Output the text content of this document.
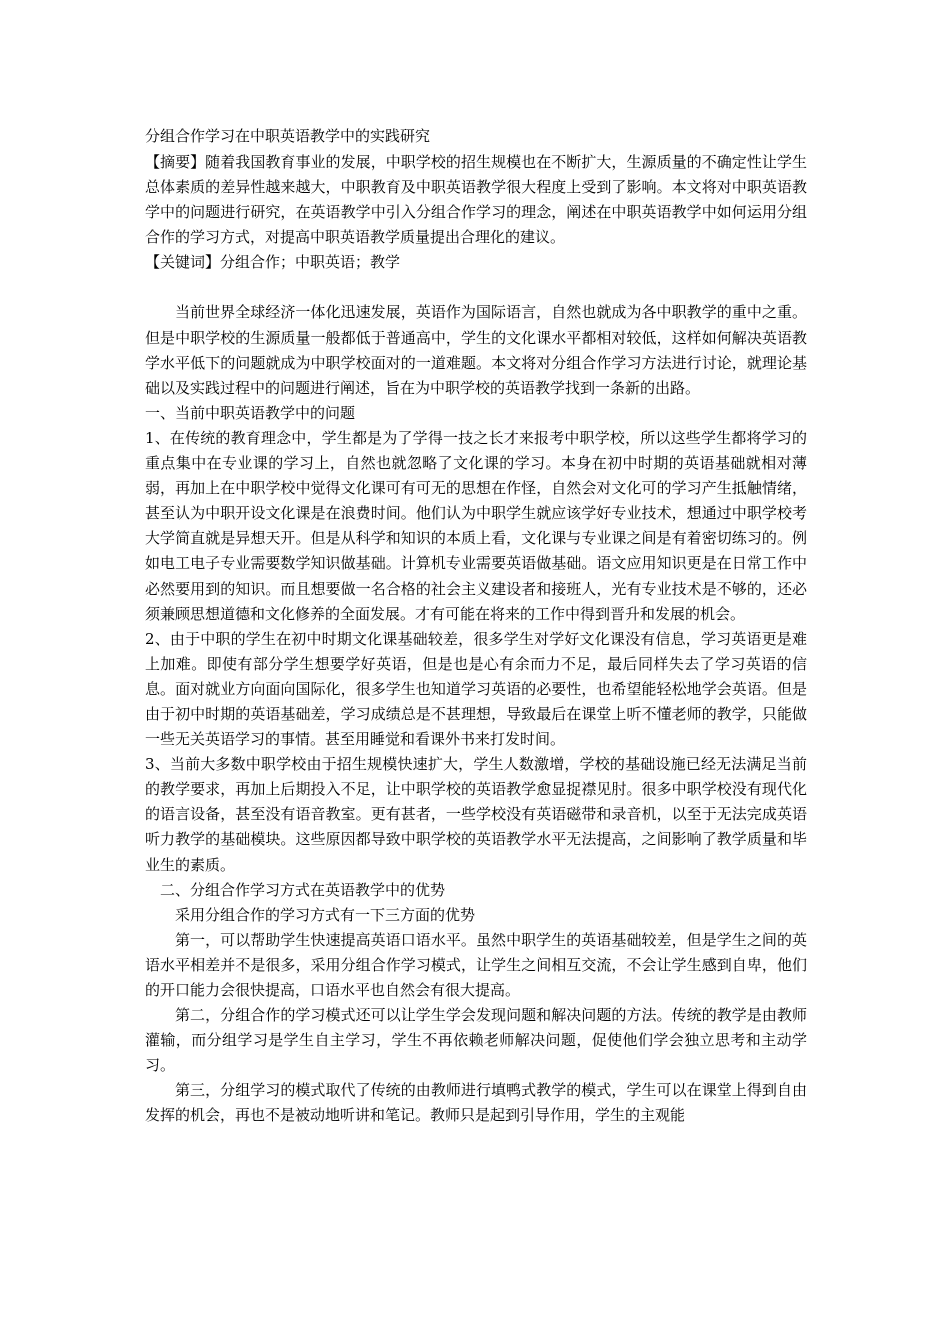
分组合作学习在中职英语教学中的实践研究

【摘要】随着我国教育事业的发展，中职学校的招生规模也在不断扩大，生源质量的不确定性让学生总体素质的差异性越来越大，中职教育及中职英语教学很大程度上受到了影响。本文将对中职英语教学中的问题进行研究，在英语教学中引入分组合作学习的理念，阐述在中职英语教学中如何运用分组合作的学习方式，对提高中职英语教学质量提出合理化的建议。

【关键词】分组合作；中职英语；教学

当前世界全球经济一体化迅速发展，英语作为国际语言，自然也就成为各中职教学的重中之重。但是中职学校的生源质量一般都低于普通高中，学生的文化课水平都相对较低，这样如何解决英语教学水平低下的问题就成为中职学校面对的一道难题。本文将对分组合作学习方法进行讨论，就理论基础以及实践过程中的问题进行阐述，旨在为中职学校的英语教学找到一条新的出路。

一、当前中职英语教学中的问题

1、在传统的教育理念中，学生都是为了学得一技之长才来报考中职学校，所以这些学生都将学习的重点集中在专业课的学习上，自然也就忽略了文化课的学习。本身在初中时期的英语基础就相对薄弱，再加上在中职学校中觉得文化课可有可无的思想在作怪，自然会对文化可的学习产生抵触情绪，甚至认为中职开设文化课是在浪费时间。他们认为中职学生就应该学好专业技术，想通过中职学校考大学简直就是异想天开。但是从科学和知识的本质上看，文化课与专业课之间是有着密切练习的。例如电工电子专业需要数学知识做基础。计算机专业需要英语做基础。语文应用知识更是在日常工作中必然要用到的知识。而且想要做一名合格的社会主义建设者和接班人，光有专业技术是不够的，还必须兼顾思想道德和文化修养的全面发展。才有可能在将来的工作中得到晋升和发展的机会。

2、由于中职的学生在初中时期文化课基础较差，很多学生对学好文化课没有信息，学习英语更是难上加难。即使有部分学生想要学好英语，但是也是心有余而力不足，最后同样失去了学习英语的信息。面对就业方向面向国际化，很多学生也知道学习英语的必要性，也希望能轻松地学会英语。但是由于初中时期的英语基础差，学习成绩总是不甚理想，导致最后在课堂上听不懂老师的教学，只能做一些无关英语学习的事情。甚至用睡觉和看课外书来打发时间。

3、当前大多数中职学校由于招生规模快速扩大，学生人数激增，学校的基础设施已经无法满足当前的教学要求，再加上后期投入不足，让中职学校的英语教学愈显捉襟见肘。很多中职学校没有现代化的语言设备，甚至没有语音教室。更有甚者，一些学校没有英语磁带和录音机，以至于无法完成英语听力教学的基础模块。这些原因都导致中职学校的英语教学水平无法提高，之间影响了教学质量和毕业生的素质。

二、分组合作学习方式在英语教学中的优势

采用分组合作的学习方式有一下三方面的优势

第一，可以帮助学生快速提高英语口语水平。虽然中职学生的英语基础较差，但是学生之间的英语水平相差并不是很多，采用分组合作学习模式，让学生之间相互交流，不会让学生感到自卑，他们的开口能力会很快提高，口语水平也自然会有很大提高。

第二，分组合作的学习模式还可以让学生学会发现问题和解决问题的方法。传统的教学是由教师灌输，而分组学习是学生自主学习，学生不再依赖老师解决问题，促使他们学会独立思考和主动学习。

第三，分组学习的模式取代了传统的由教师进行填鸭式教学的模式，学生可以在课堂上得到自由发挥的机会，再也不是被动地听讲和笔记。教师只是起到引导作用，学生的主观能
